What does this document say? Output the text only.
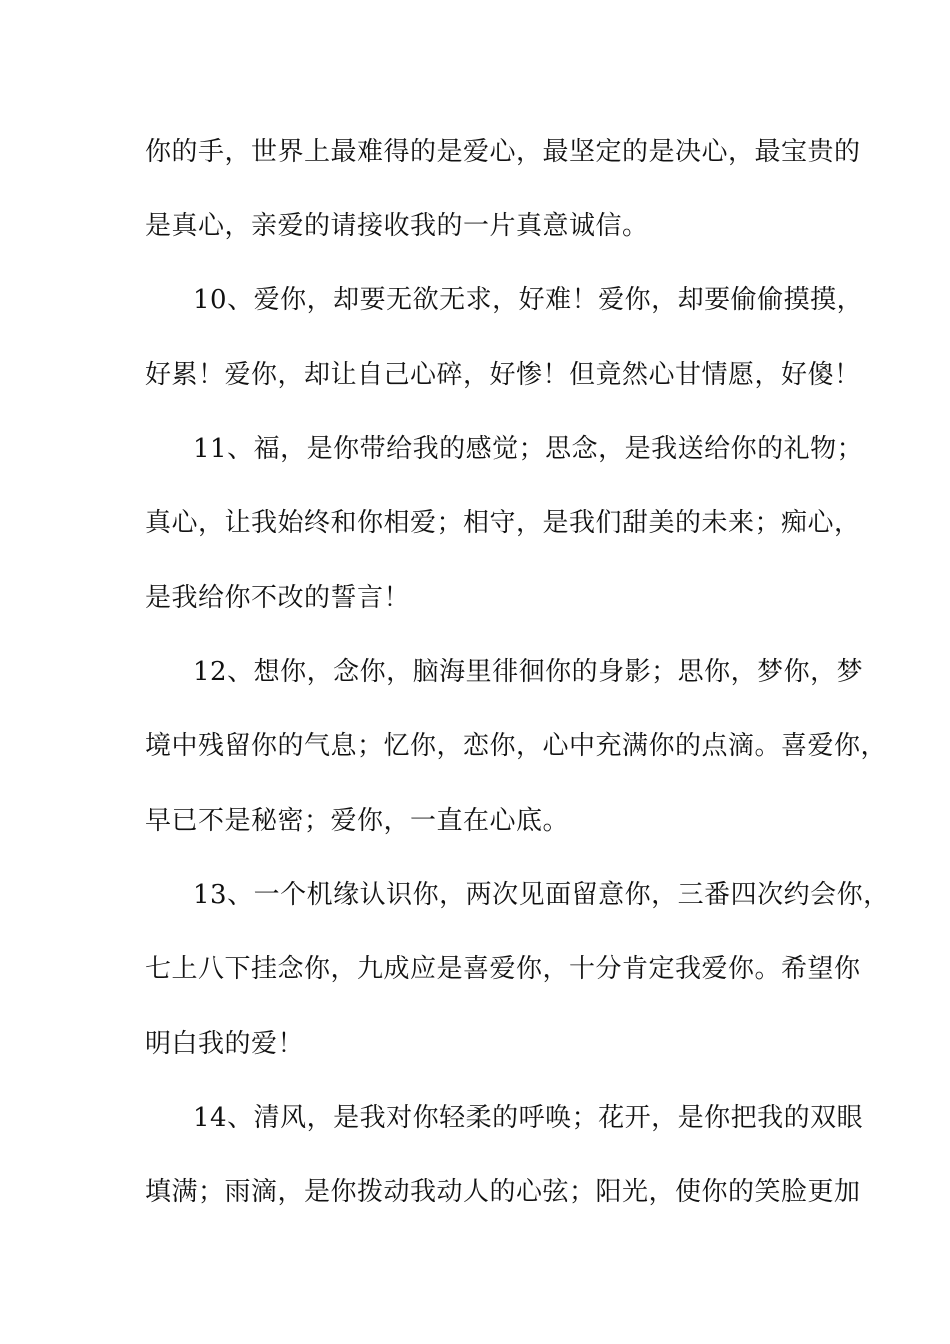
你的手，世界上最难得的是爱心，最坚定的是决心，最宝贵的
是真心，亲爱的请接收我的一片真意诚信。
10、爱你，却要无欲无求，好难！爱你，却要偷偷摸摸，
好累！爱你，却让自己心碎，好惨！但竟然心甘情愿，好傻！
11、福，是你带给我的感觉；思念，是我送给你的礼物；
真心，让我始终和你相爱；相守，是我们甜美的未来；痴心，
是我给你不改的誓言！
12、想你，念你，脑海里徘徊你的身影；思你，梦你，梦
境中残留你的气息；忆你，恋你，心中充满你的点滴。喜爱你，
早已不是秘密；爱你，一直在心底。
13、一个机缘认识你，两次见面留意你，三番四次约会你，
七上八下挂念你，九成应是喜爱你，十分肯定我爱你。希望你
明白我的爱！
14、清风，是我对你轻柔的呼唤；花开，是你把我的双眼
填满；雨滴，是你拨动我动人的心弦；阳光，使你的笑脸更加
